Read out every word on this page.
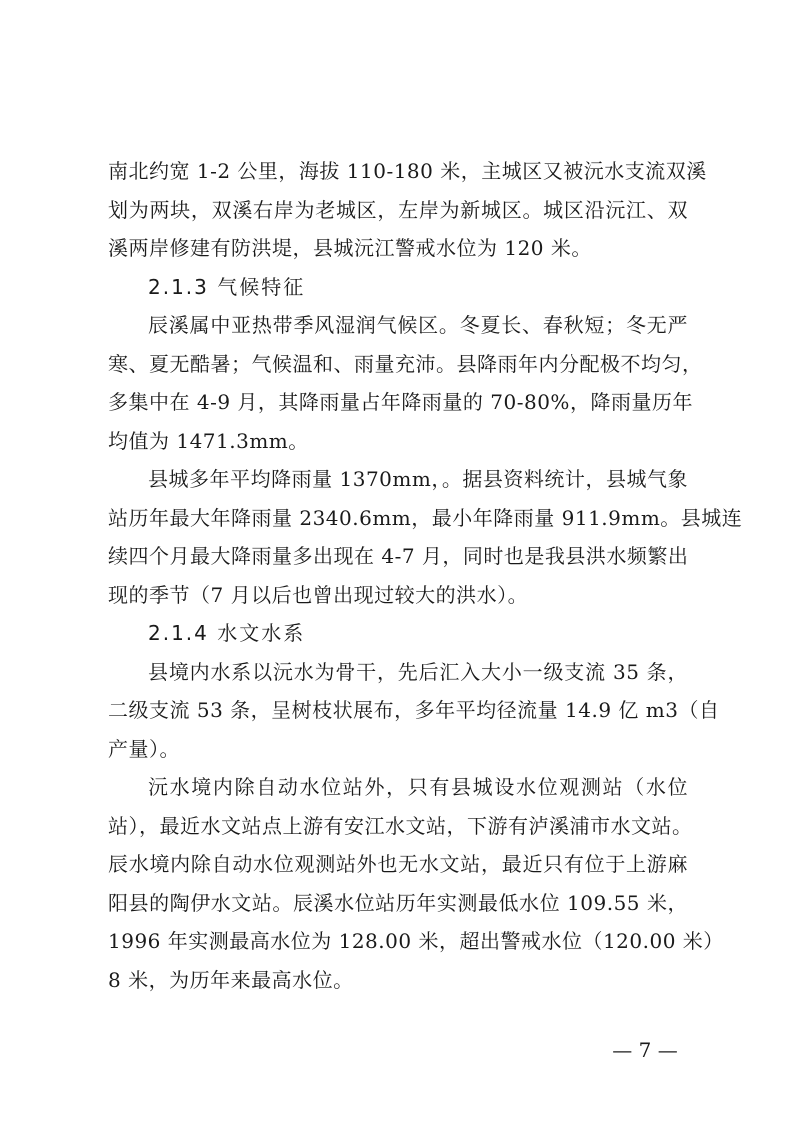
南北约宽 1-2 公里，海拔 110-180 米，主城区又被沅水支流双溪
划为两块，双溪右岸为老城区，左岸为新城区。城区沿沅江、双
溪两岸修建有防洪堤，县城沅江警戒水位为 120 米。
2.1.3 气候特征
辰溪属中亚热带季风湿润气候区。冬夏长、春秋短；冬无严
寒、夏无酷暑；气候温和、雨量充沛。县降雨年内分配极不均匀，
多集中在 4-9 月，其降雨量占年降雨量的 70-80%，降雨量历年
均值为 1471.3mm。
县城多年平均降雨量 1370mm，。据县资料统计，县城气象
站历年最大年降雨量 2340.6mm，最小年降雨量 911.9mm。县城连
续四个月最大降雨量多出现在 4-7 月，同时也是我县洪水频繁出
现的季节（7 月以后也曾出现过较大的洪水）。
2.1.4 水文水系
县境内水系以沅水为骨干，先后汇入大小一级支流 35 条，
二级支流 53 条，呈树枝状展布，多年平均径流量 14.9 亿 m3（自
产量）。
沅水境内除自动水位站外，只有县城设水位观测站（水位
站），最近水文站点上游有安江水文站，下游有泸溪浦市水文站。
辰水境内除自动水位观测站外也无水文站，最近只有位于上游麻
阳县的陶伊水文站。辰溪水位站历年实测最低水位 109.55 米，
1996 年实测最高水位为 128.00 米，超出警戒水位（120.00 米）
8 米，为历年来最高水位。
— 7 —
